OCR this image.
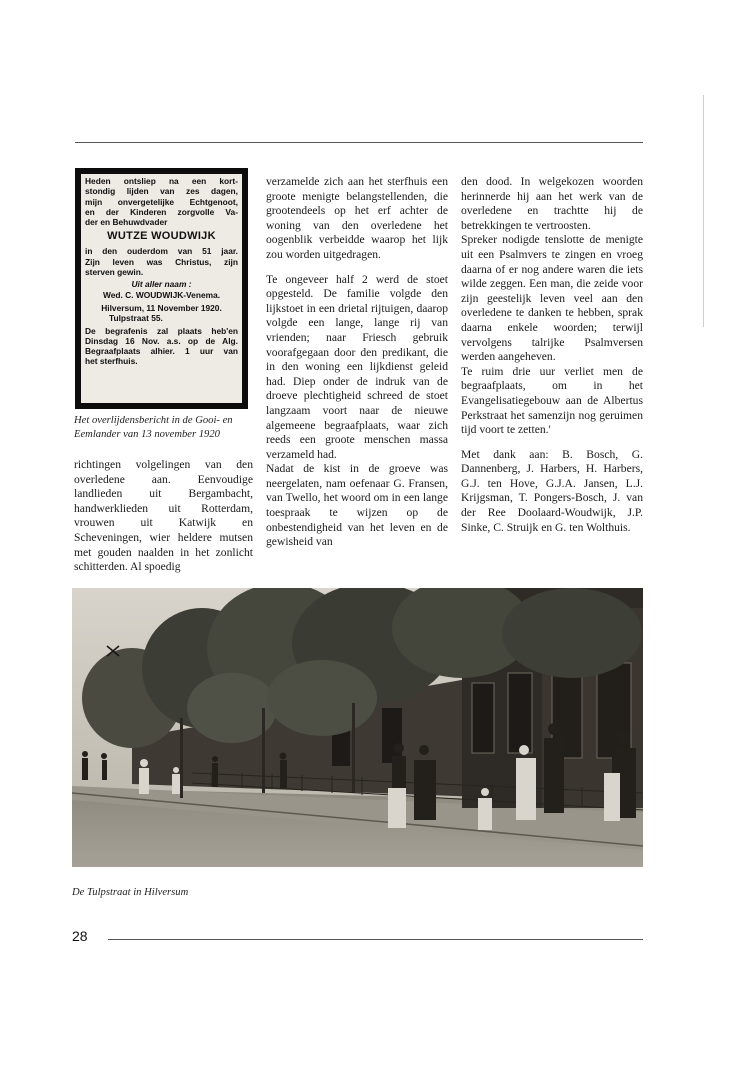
Heden ontsliep na een kort-
stondig lijden van zes dagen,
mijn onvergetelijke Echtgenoot,
en der Kinderen zorgvolle Va-
der en Behuwdvader
WUTZE WOUDWIJK
in den ouderdom van 51 jaar.
Zijn leven was Christus, zijn
sterven gewin.
Uit aller naam :
Wed. C. WOUDWIJK-Venema.
Hilversum, 11 November 1920.
Tulpstraat 55.
De begrafenis zal plaats heb'en
Dinsdag 16 Nov. a.s. op de Alg.
Begraafplaats alhier. 1 uur van
het sterfhuis.
Het overlijdensbericht in de Gooi- en
Eemlander van 13 november 1920

richtingen volgelingen van den overledene aan. Eenvoudige landlieden uit Bergambacht, handwerklieden uit Rotterdam, vrouwen uit Katwijk en Scheveningen, wier heldere mutsen met gouden naalden in het zonlicht schitterden. Al spoedig

verzamelde zich aan het sterfhuis een groote menigte belangstellenden, die grootendeels op het erf achter de woning van den overledene het oogenblik verbeidde waarop het lijk zou worden uitgedragen.

Te ongeveer half 2 werd de stoet opgesteld. De familie volgde den lijkstoet in een drietal rijtuigen, daarop volgde een lange, lange rij van vrienden; naar Friesch gebruik voorafgegaan door den predikant, die in den woning een lijkdienst geleid had. Diep onder de indruk van de droeve plechtigheid schreed de stoet langzaam voort naar de nieuwe algemeene begraafplaats, waar zich reeds een groote menschen massa verzameld had.

Nadat de kist in de groeve was neergelaten, nam oefenaar G. Fransen, van Twello, het woord om in een lange toespraak te wijzen op de onbestendigheid van het leven en de gewisheid van

den dood. In welgekozen woorden herinnerde hij aan het werk van de overledene en trachtte hij de betrekkingen te vertroosten.

Spreker nodigde tenslotte de menigte uit een Psalmvers te zingen en vroeg daarna of er nog andere waren die iets wilde zeggen. Een man, die zeide voor zijn geestelijk leven veel aan den overledene te danken te hebben, sprak daarna enkele woorden; terwijl vervolgens talrijke Psalmversen werden aangeheven.

Te ruim drie uur verliet men de begraafplaats, om in het Evangelisatiegebouw aan de Albertus Perkstraat het samenzijn nog geruimen tijd voort te zetten.'

Met dank aan: B. Bosch, G. Dannenberg, J. Harbers, H. Harbers, G.J. ten Hove, G.J.A. Jansen, L.J. Krijgsman, T. Pongers-Bosch, J. van der Ree Doolaard-Woudwijk, J.P. Sinke, C. Struijk en G. ten Wolthuis.

De Tulpstraat in Hilversum
28
